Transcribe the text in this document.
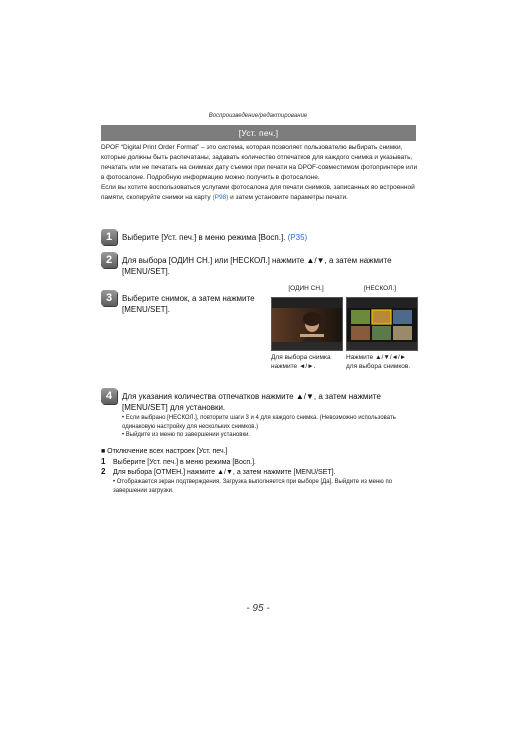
Воспроизведение/редактирование
[Уст. печ.]

DPOF “Digital Print Order Format” – это система, которая позволяет пользователю выбирать снимки, которые должны быть распечатаны, задавать количество отпечатков для каждого снимка и указывать, печатать или не печатать на снимках дату съемки при печати на DPOF-совместимом фотопринтере или в фотосалоне. Подробную информацию можно получить в фотосалоне.

Если вы хотите воспользоваться услугами фотосалона для печати снимков, записанных во встроенной памяти, скопируйте снимки на карту (P98) и затем установите параметры печати.

1	Выберите [Уст. печ.] в меню режима [Восп.]. (P35)
2	Для выбора [ОДИН СН.] или [НЕСКОЛ.] нажмите ▲/▼, а затем нажмите [MENU/SET].
3	Выберите снимок, а затем нажмите [MENU/SET].
[ОДИН СН.]	[НЕСКОЛ.]
Для выбора снимка нажмите ◄/►.
Нажмите ▲/▼/◄/► для выбора снимков.
4	Для указания количества отпечатков нажмите ▲/▼, а затем нажмите [MENU/SET] для установки.
• Если выбрано [НЕСКОЛ.], повторите шаги 3 и 4 для каждого снимка. (Невозможно использовать одинаковую настройку для нескольких снимков.)
• Выйдите из меню по завершении установки.
■ Отключение всех настроек [Уст. печ.]
1 Выберите [Уст. печ.] в меню режима [Восп.].
2 Для выбора [ОТМЕН.] нажмите ▲/▼, а затем нажмите [MENU/SET].
• Отображается экран подтверждения. Загрузка выполняется при выборе [Да]. Выйдите из меню по завершении загрузки.
- 95 -
